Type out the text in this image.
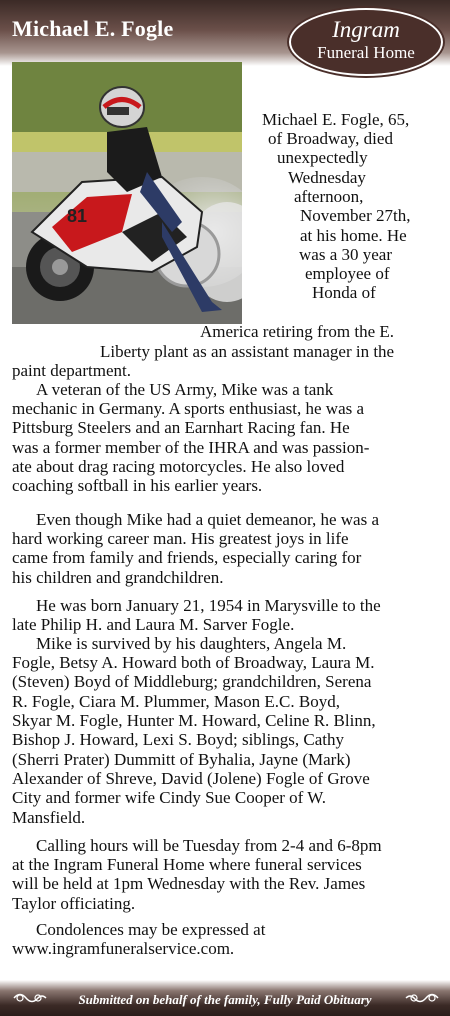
Michael E. Fogle	Ingram
Funeral Home
81
Michael E. Fogle, 65,
of Broadway, died
unexpectedly
Wednesday
afternoon,
November 27th,
at his home. He
was a 30 year
employee of
Honda of
America retiring from the E.
Liberty plant as an assistant manager in the
paint department.
A veteran of the US Army, Mike was a tank
mechanic in Germany. A sports enthusiast, he was a
Pittsburg Steelers and an Earnhart Racing fan. He
was a former member of the IHRA and was passion-
ate about drag racing motorcycles. He also loved
coaching softball in his earlier years.
Even though Mike had a quiet demeanor, he was a
hard working career man. His greatest joys in life
came from family and friends, especially caring for
his children and grandchildren.
He was born January 21, 1954 in Marysville to the
late Philip H. and Laura M. Sarver Fogle.
Mike is survived by his daughters, Angela M.
Fogle, Betsy A. Howard both of Broadway, Laura M.
(Steven) Boyd of Middleburg; grandchildren, Serena
R. Fogle, Ciara M. Plummer, Mason E.C. Boyd,
Skyar M. Fogle, Hunter M. Howard, Celine R. Blinn,
Bishop J. Howard, Lexi S. Boyd; siblings, Cathy
(Sherri Prater) Dummitt of Byhalia, Jayne (Mark)
Alexander of Shreve, David (Jolene) Fogle of Grove
City and former wife Cindy Sue Cooper of W.
Mansfield.
Calling hours will be Tuesday from 2-4 and 6-8pm
at the Ingram Funeral Home where funeral services
will be held at 1pm Wednesday with the Rev. James
Taylor officiating.
Condolences may be expressed at
www.ingramfuneralservice.com.
Submitted on behalf of the family, Fully Paid Obituary
